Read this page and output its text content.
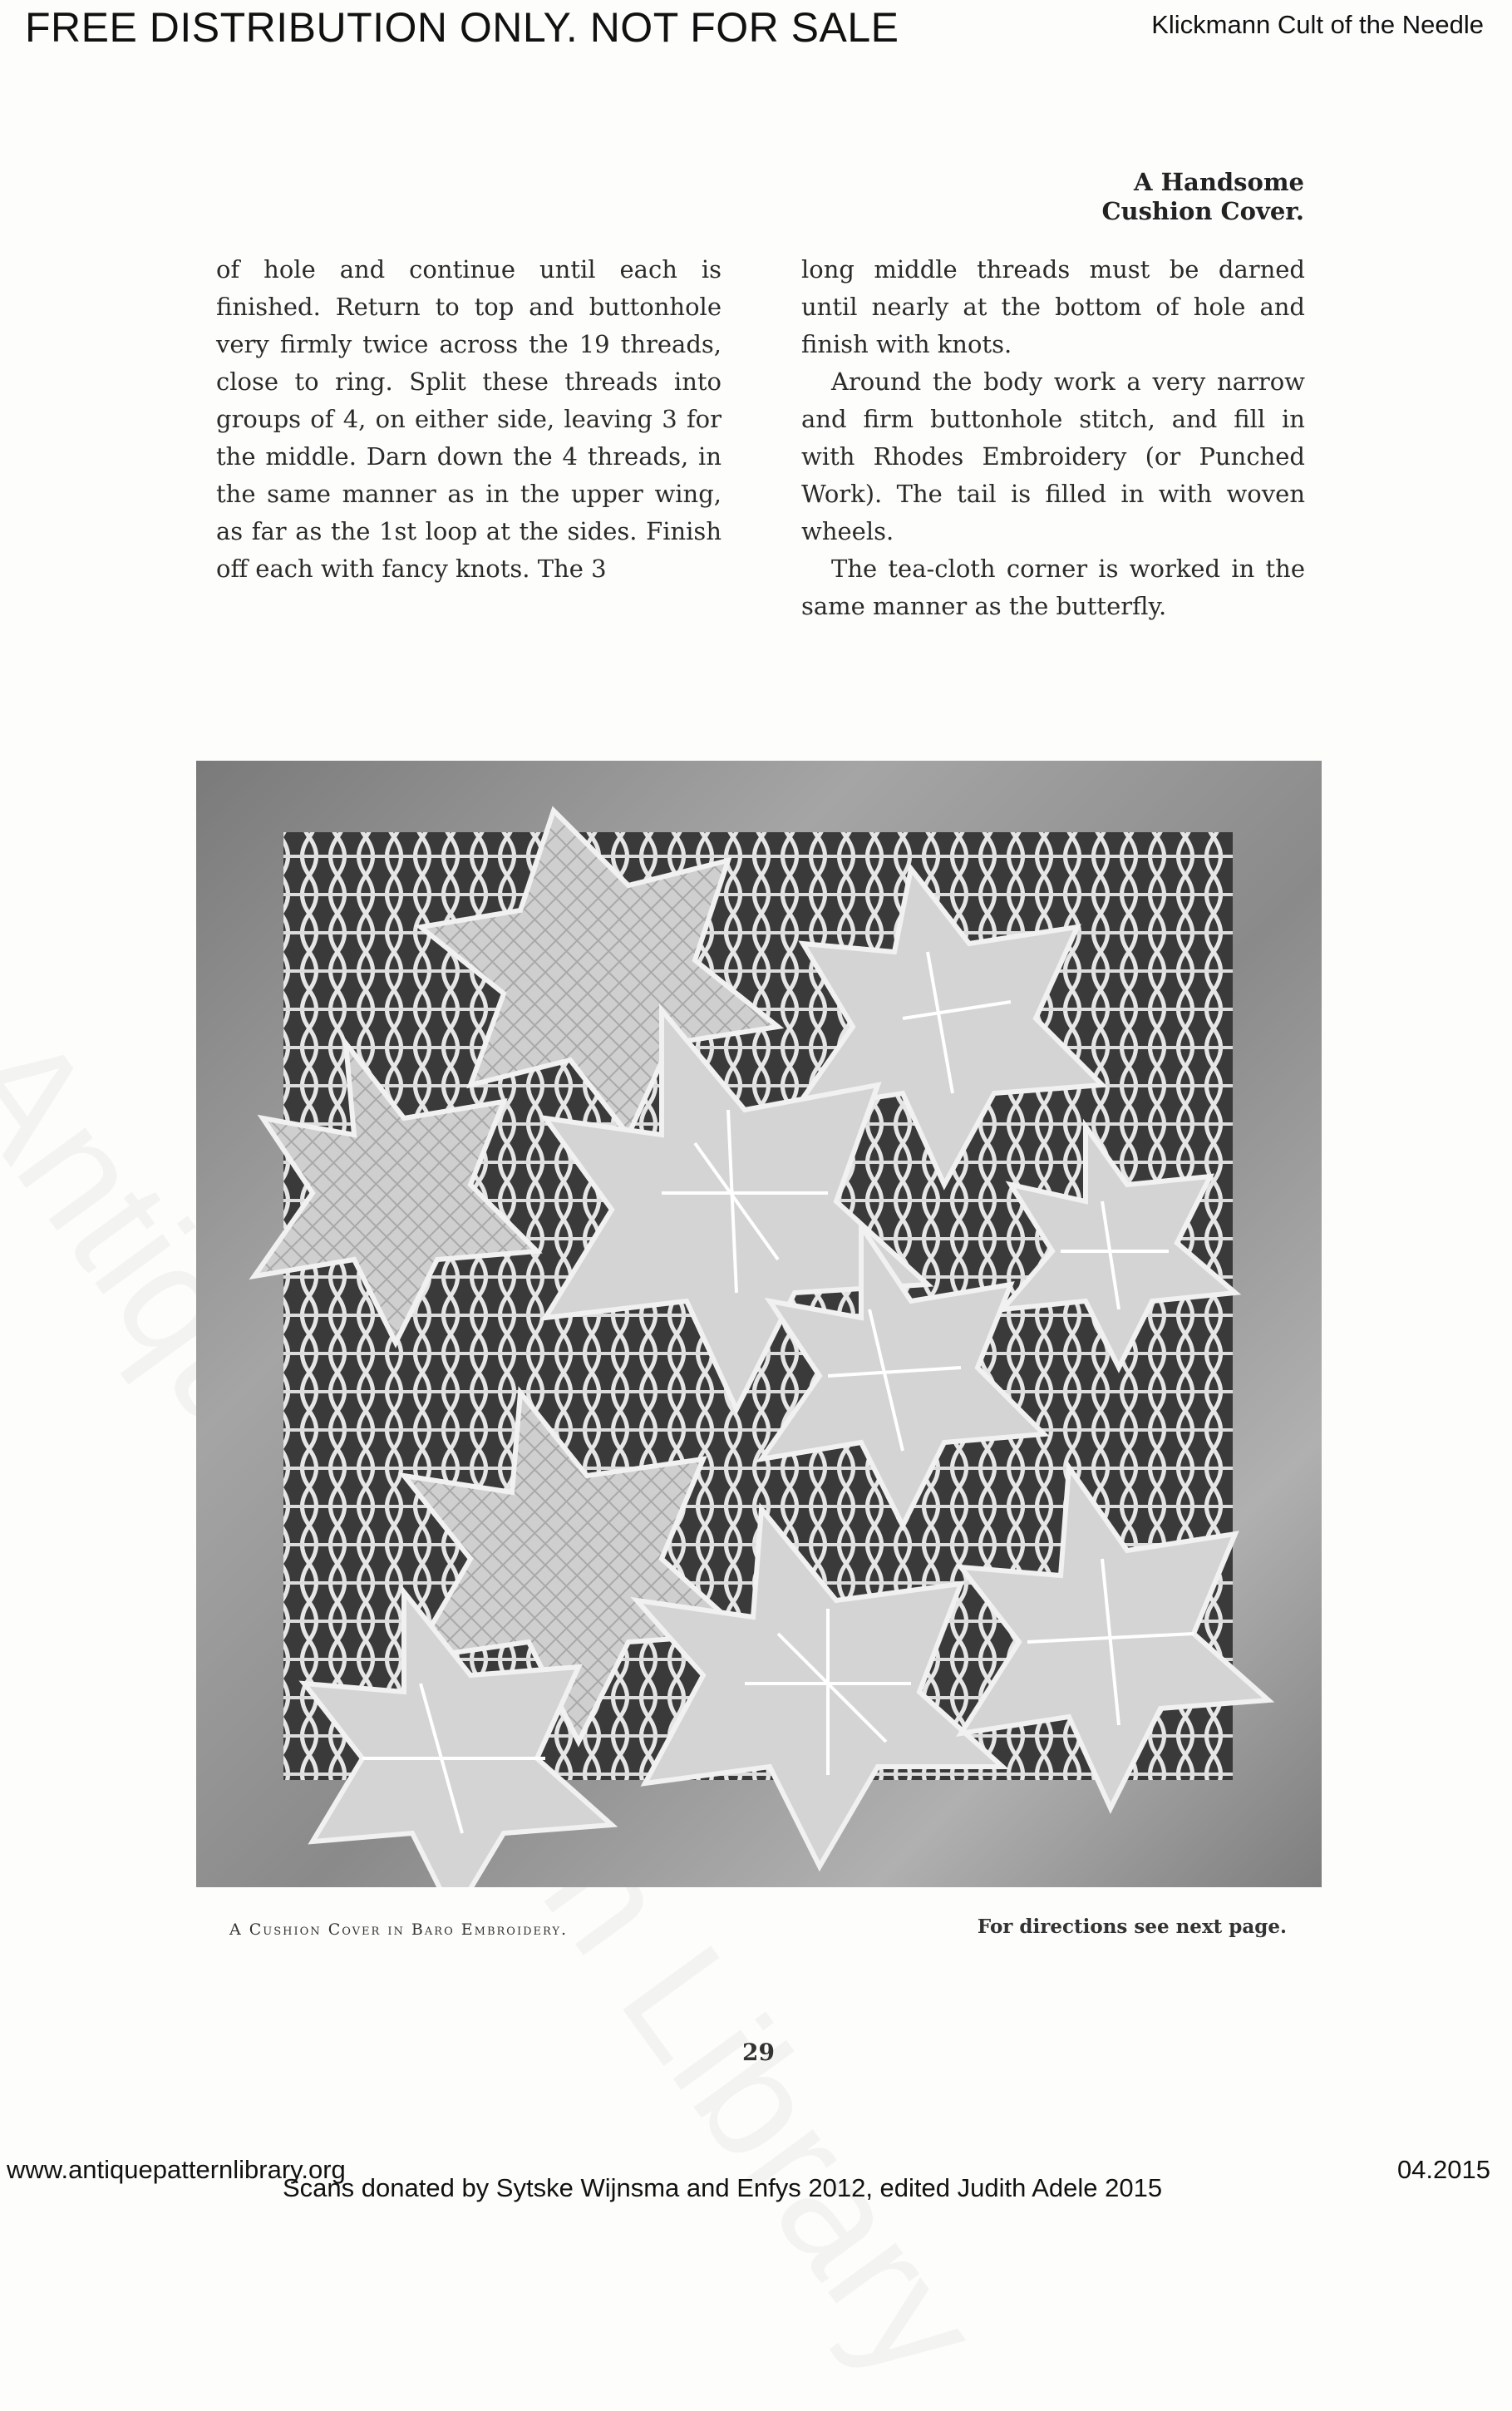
FREE DISTRIBUTION ONLY. NOT FOR SALE	Klickmann Cult of the Needle
A Handsome
Cushion Cover.

of hole and continue until each is finished. Return to top and buttonhole very firmly twice across the 19 threads, close to ring. Split these threads into groups of 4, on either side, leaving 3 for the middle. Darn down the 4 threads, in the same manner as in the upper wing, as far as the 1st loop at the sides. Finish off each with fancy knots. The 3

long middle threads must be darned until nearly at the bottom of hole and finish with knots.

Around the body work a very narrow and firm buttonhole stitch, and fill in with Rhodes Embroidery (or Punched Work). The tail is filled in with woven wheels.

The tea-cloth corner is worked in the same manner as the butterfly.

A Cushion Cover in Baro Embroidery.	For directions see next page.
29
www.antiquepatternlibrary.org	04.2015
Scans donated by Sytske Wijnsma and Enfys 2012, edited Judith Adele 2015
